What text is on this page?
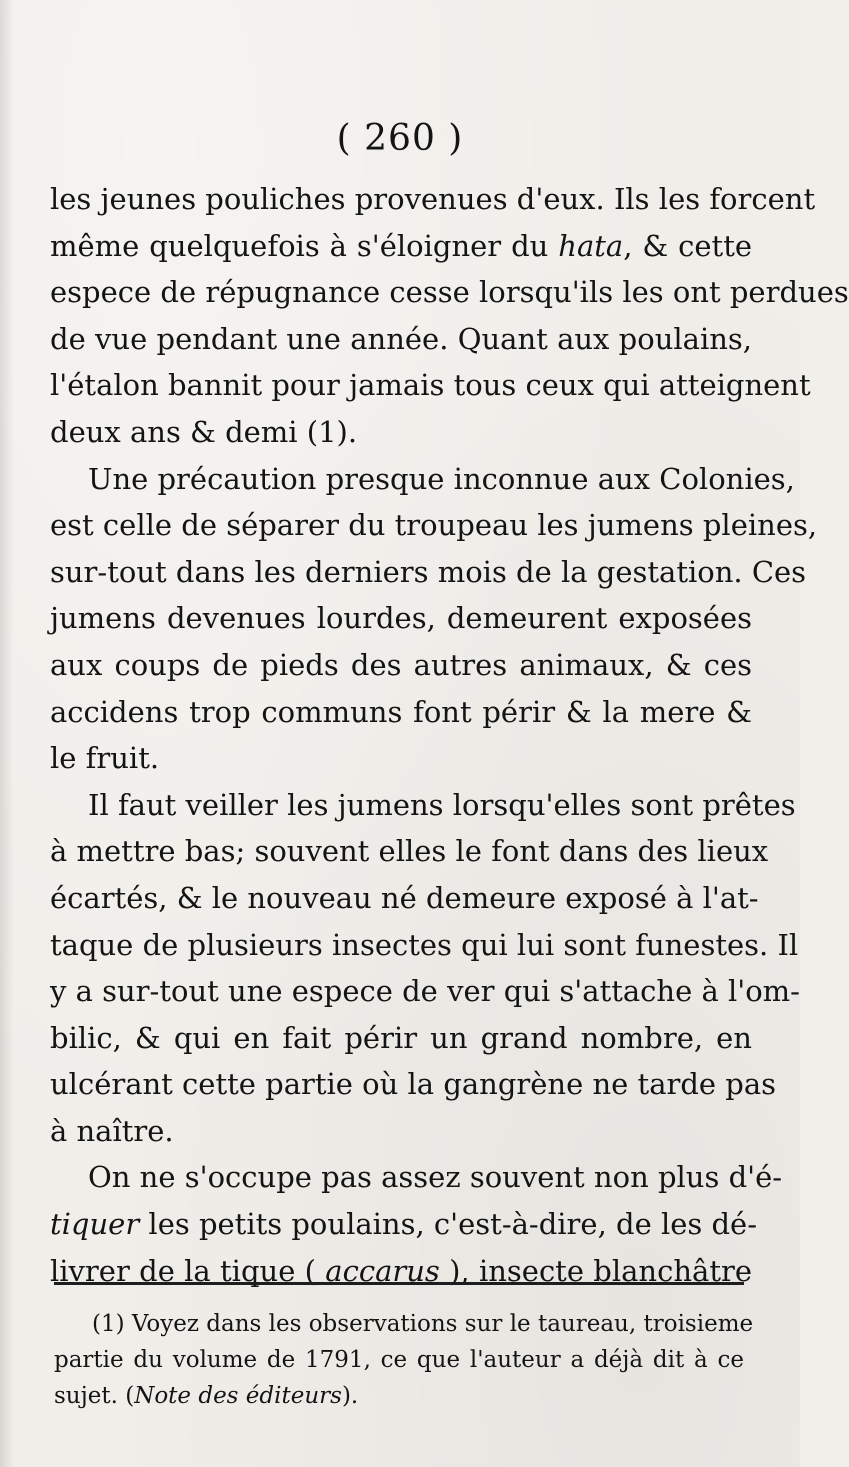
( 260 )
les jeunes pouliches provenues d'eux. Ils les forcent
même quelquefois à s'éloigner du hata, & cette
espece de répugnance cesse lorsqu'ils les ont perdues
de vue pendant une année. Quant aux poulains,
l'étalon bannit pour jamais tous ceux qui atteignent
deux ans & demi (1).
Une précaution presque inconnue aux Colonies,
est celle de séparer du troupeau les jumens pleines,
sur-tout dans les derniers mois de la gestation. Ces
jumens devenues lourdes, demeurent exposées
aux coups de pieds des autres animaux, & ces
accidens trop communs font périr & la mere &
le fruit.
Il faut veiller les jumens lorsqu'elles sont prêtes
à mettre bas; souvent elles le font dans des lieux
écartés, & le nouveau né demeure exposé à l'at-
taque de plusieurs insectes qui lui sont funestes. Il
y a sur-tout une espece de ver qui s'attache à l'om-
bilic, & qui en fait périr un grand nombre, en
ulcérant cette partie où la gangrène ne tarde pas
à naître.
On ne s'occupe pas assez souvent non plus d'é-
tiquer les petits poulains, c'est-à-dire, de les dé-
livrer de la tique ( accarus ), insecte blanchâtre
(1) Voyez dans les observations sur le taureau, troisieme
partie du volume de 1791, ce que l'auteur a déjà dit à ce
sujet. (Note des éditeurs).
